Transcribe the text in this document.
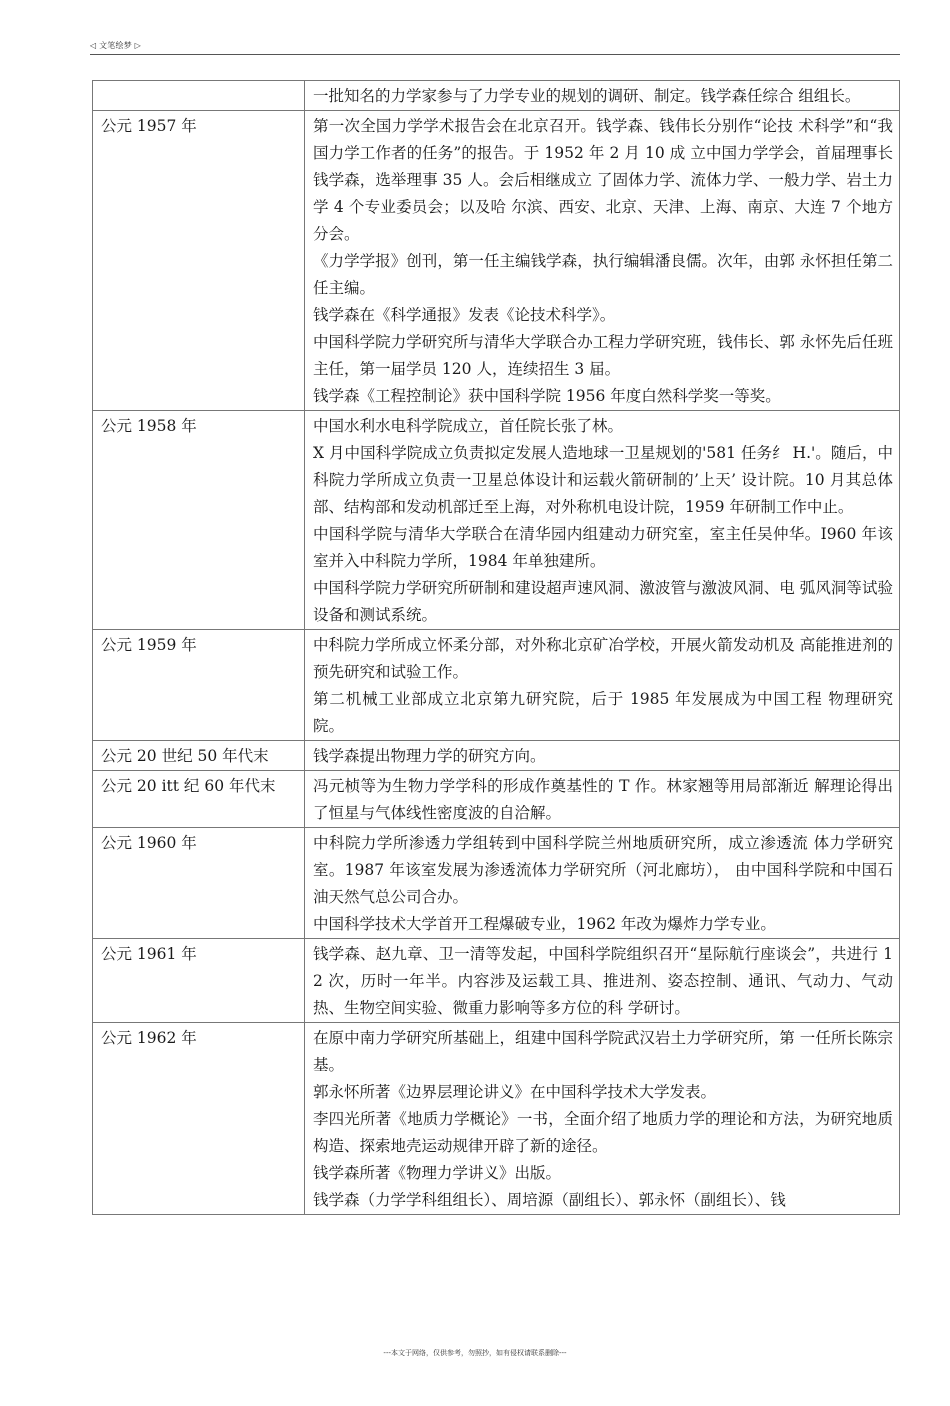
◁ 文笔绘梦 ▷

	一批知名的力学家参与了力学专业的规划的调研、制定。钱学森任综合 组组长。

公元 1957 年	第一次全国力学学术报告会在北京召开。钱学森、钱伟长分别作“论技 术科学”和“我国力学工作者的任务”的报告。于 1952 年 2 月 10 成 立中国力学学会，首届理事长钱学森，选举理事 35 人。会后相继成立 了固体力学、流体力学、一般力学、岩土力学 4 个专业委员会；以及哈 尔滨、西安、北京、天津、上海、南京、大连 7 个地方分会。
《力学学报》创刊，第一任主编钱学森，执行编辑潘良儒。次年，由郭 永怀担任第二任主编。
钱学森在《科学通报》发表《论技术科学》。
中国科学院力学研究所与清华大学联合办工程力学研究班，钱伟长、郭 永怀先后任班主任，第一届学员 120 人，连续招生 3 届。
钱学森《工程控制论》获中国科学院 1956 年度白然科学奖一等奖。

公元 1958 年	中国水利水电科学院成立，首任院长张了林。
X 月中国科学院成立负责拟定发展人造地球一卫星规划的'581 任务纟 H.'。随后，中科院力学所成立负责一卫星总体设计和运载火箭研制的’上天’ 设计院。10 月其总体部、结构部和发动机部迁至上海，对外称机电设计院，1959 年研制工作中止。
中国科学院与清华大学联合在清华园内组建动力研究室，室主任吴仲华。I960 年该室并入中科院力学所，1984 年单独建所。
中国科学院力学研究所研制和建设超声速风洞、激波管与激波风洞、电 弧风洞等试验设备和测试系统。

公元 1959 年	中科院力学所成立怀柔分部，对外称北京矿冶学校，开展火箭发动机及 高能推进剂的预先研究和试验工作。
第二机械工业部成立北京第九研究院，后于 1985 年发展成为中国工程 物理研究院。

公元 20 世纪 50 年代末	钱学森提出物理力学的研究方向。

公元 20 itt 纪 60 年代末	冯元桢等为生物力学学科的形成作奠基性的 T 作。林家翘等用局部渐近 解理论得出了恒星与气体线性密度波的自洽解。

公元 1960 年	中科院力学所渗透力学组转到中国科学院兰州地质研究所，成立渗透流 体力学研究室。1987 年该室发展为渗透流体力学研究所（河北廊坊）， 由中国科学院和中国石油天然气总公司合办。
中国科学技术大学首开工程爆破专业，1962 年改为爆炸力学专业。

公元 1961 年	钱学森、赵九章、卫一清等发起，中国科学院组织召开“星际航行座谈会”，共进行 12 次，历时一年半。内容涉及运载工具、推进剂、姿态控制、通讯、气动力、气动热、生物空间实验、微重力影响等多方位的科 学研讨。

公元 1962 年	在原中南力学研究所基础上，组建中国科学院武汉岩土力学研究所，第 一任所长陈宗基。
郭永怀所著《边界层理论讲义》在中国科学技术大学发表。
李四光所著《地质力学概论》一书，全面介绍了地质力学的理论和方法，为研究地质构造、探索地壳运动规律开辟了新的途径。
钱学森所著《物理力学讲义》出版。
钱学森（力学学科组组长）、周培源（副组长）、郭永怀（副组长）、钱
---本文于网络，仅供参考，勿照抄，如有侵权请联系删除---
